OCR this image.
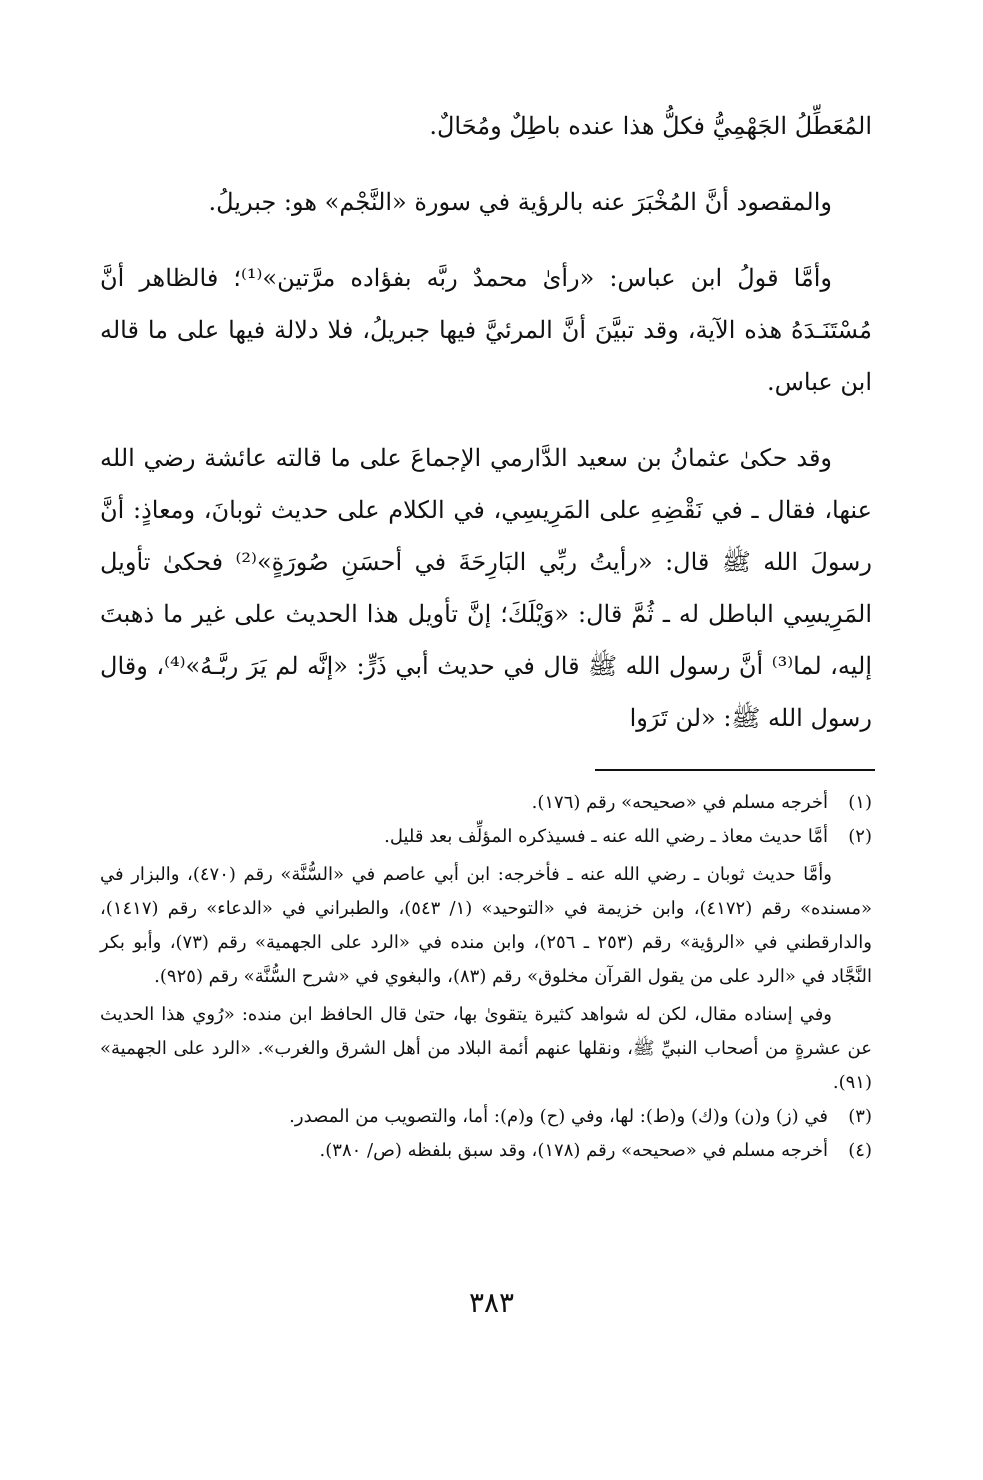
المُعَطِّلُ الجَهْمِيُّ فكلُّ هذا عنده باطِلٌ ومُحَالٌ.

والمقصود أنَّ المُخْبَرَ عنه بالرؤية في سورة «النَّجْم» هو: جبريلُ.

وأمَّا قولُ ابن عباس: «رأىٰ محمدٌ ربَّه بفؤاده مرَّتين»⁽¹⁾؛ فالظاهر أنَّ مُسْتَنَـدَهُ هذه الآية، وقد تبيَّنَ أنَّ المرئيَّ فيها جبريلُ، فلا دلالة فيها على ما قاله ابن عباس.

وقد حكىٰ عثمانُ بن سعيد الدَّارمي الإجماعَ على ما قالته عائشة رضي الله عنها، فقال ـ في نَقْضِهِ على المَرِيسِي، في الكلام على حديث ثوبانَ، ومعاذٍ: أنَّ رسولَ الله ﷺ قال: «رأيتُ ربِّي البَارِحَةَ في أحسَنِ صُورَةٍ»⁽²⁾ فحكىٰ تأويل المَرِيسِي الباطل له ـ ثُمَّ قال: «وَيْلَكَ؛ إنَّ تأويل هذا الحديث على غير ما ذهبتَ إليه، لما⁽³⁾ أنَّ رسول الله ﷺ قال في حديث أبي ذَرٍّ: «إنَّه لم يَرَ ربَّـهُ»⁽⁴⁾، وقال رسول الله ﷺ: «لن تَرَوا

(١)
أخرجه مسلم في «صحيحه» رقم (١٧٦).
(٢)
أمَّا حديث معاذ ـ رضي الله عنه ـ فسيذكره المؤلِّف بعد قليل.

وأمَّا حديث ثوبان ـ رضي الله عنه ـ فأخرجه: ابن أبي عاصم في «السُّنَّة» رقم (٤٧٠)، والبزار في «مسنده» رقم (٤١٧٢)، وابن خزيمة في «التوحيد» (١/ ٥٤٣)، والطبراني في «الدعاء» رقم (١٤١٧)، والدارقطني في «الرؤية» رقم (٢٥٣ ـ ٢٥٦)، وابن منده في «الرد على الجهمية» رقم (٧٣)، وأبو بكر النَّجَّاد في «الرد على من يقول القرآن مخلوق» رقم (٨٣)، والبغوي في «شرح السُّنَّة» رقم (٩٢٥).

وفي إسناده مقال، لكن له شواهد كثيرة يتقوىٰ بها، حتىٰ قال الحافظ ابن منده: «رُوي هذا الحديث عن عشرةٍ من أصحاب النبيِّ ﷺ، ونقلها عنهم أئمة البلاد من أهل الشرق والغرب». «الرد على الجهمية» (٩١).

(٣)
في (ز) و(ن) و(ك) و(ط): لها، وفي (ح) و(م): أما، والتصويب من المصدر.
(٤)
أخرجه مسلم في «صحيحه» رقم (١٧٨)، وقد سبق بلفظه (ص/ ٣٨٠).
٣٨٣
